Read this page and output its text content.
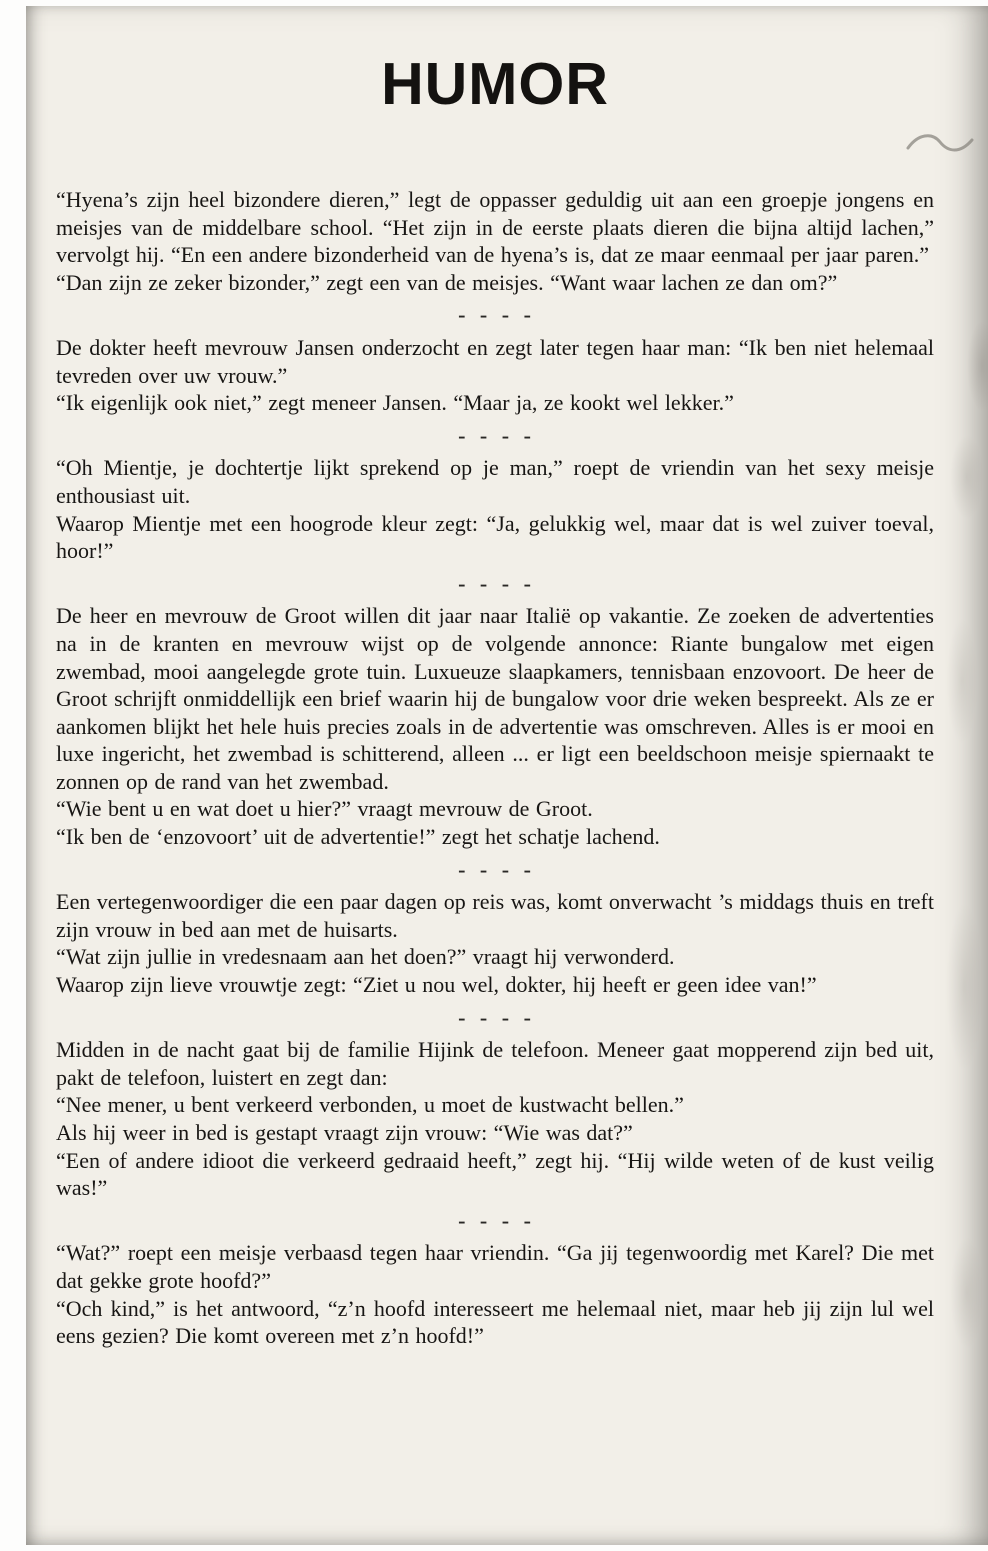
HUMOR

“Hyena’s zijn heel bizondere dieren,” legt de oppasser geduldig uit aan een groepje jongens en meisjes van de middelbare school. “Het zijn in de eerste plaats dieren die bijna altijd lachen,” vervolgt hij. “En een andere bizonderheid van de hyena’s is, dat ze maar eenmaal per jaar paren.”

“Dan zijn ze zeker bizonder,” zegt een van de meisjes. “Want waar lachen ze dan om?”

- - - -

De dokter heeft mevrouw Jansen onderzocht en zegt later tegen haar man: “Ik ben niet helemaal tevreden over uw vrouw.”

“Ik eigenlijk ook niet,” zegt meneer Jansen. “Maar ja, ze kookt wel lekker.”

- - - -

“Oh Mientje, je dochtertje lijkt sprekend op je man,” roept de vriendin van het sexy meisje enthousiast uit.

Waarop Mientje met een hoogrode kleur zegt: “Ja, gelukkig wel, maar dat is wel zuiver toeval, hoor!”

- - - -

De heer en mevrouw de Groot willen dit jaar naar Italië op vakantie. Ze zoeken de advertenties na in de kranten en mevrouw wijst op de volgende annonce: Riante bungalow met eigen zwembad, mooi aangelegde grote tuin. Luxueuze slaapkamers, tennisbaan enzovoort. De heer de Groot schrijft onmiddellijk een brief waarin hij de bungalow voor drie weken bespreekt. Als ze er aankomen blijkt het hele huis precies zoals in de advertentie was omschreven. Alles is er mooi en luxe ingericht, het zwembad is schitterend, alleen ... er ligt een beeldschoon meisje spiernaakt te zonnen op de rand van het zwembad.

“Wie bent u en wat doet u hier?” vraagt mevrouw de Groot.

“Ik ben de ‘enzovoort’ uit de advertentie!” zegt het schatje lachend.

- - - -

Een vertegenwoordiger die een paar dagen op reis was, komt onverwacht ’s middags thuis en treft zijn vrouw in bed aan met de huisarts.

“Wat zijn jullie in vredesnaam aan het doen?” vraagt hij verwonderd.

Waarop zijn lieve vrouwtje zegt: “Ziet u nou wel, dokter, hij heeft er geen idee van!”

- - - -

Midden in de nacht gaat bij de familie Hijink de telefoon. Meneer gaat mopperend zijn bed uit, pakt de telefoon, luistert en zegt dan:

“Nee mener, u bent verkeerd verbonden, u moet de kustwacht bellen.”

Als hij weer in bed is gestapt vraagt zijn vrouw: “Wie was dat?”

“Een of andere idioot die verkeerd gedraaid heeft,” zegt hij. “Hij wilde weten of de kust veilig was!”

- - - -

“Wat?” roept een meisje verbaasd tegen haar vriendin. “Ga jij tegenwoordig met Karel? Die met dat gekke grote hoofd?”

“Och kind,” is het antwoord, “z’n hoofd interesseert me helemaal niet, maar heb jij zijn lul wel eens gezien? Die komt overeen met z’n hoofd!”
